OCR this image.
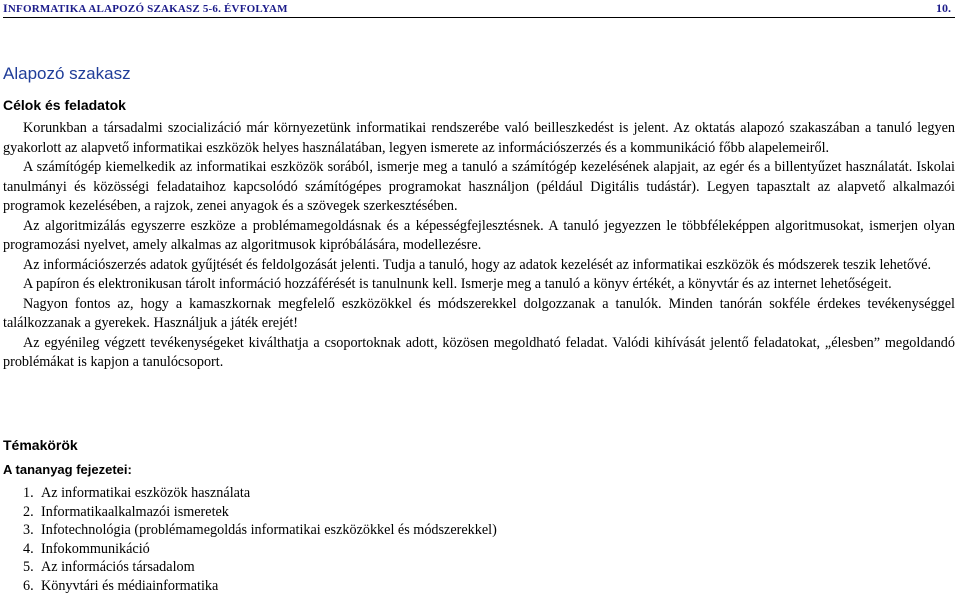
INFORMATIKA ALAPOZÓ SZAKASZ 5-6. ÉVFOLYAM	10.
Alapozó szakasz
Célok és feladatok

Korunkban a társadalmi szocializáció már környezetünk informatikai rendszerébe való beilleszkedést is jelent. Az oktatás alapozó szakaszában a tanuló legyen gyakorlott az alapvető informatikai eszközök helyes használatában, legyen ismerete az információszerzés és a kommunikáció főbb alapelemeiről.

A számítógép kiemelkedik az informatikai eszközök sorából, ismerje meg a tanuló a számítógép kezelésének alapjait, az egér és a billentyűzet használatát. Iskolai tanulmányi és közösségi feladataihoz kapcsolódó számítógépes programokat használjon (például Digitális tudástár). Legyen tapasztalt az alapvető alkalmazói programok kezelésében, a rajzok, zenei anyagok és a szövegek szerkesztésében.

Az algoritmizálás egyszerre eszköze a problémamegoldásnak és a képességfejlesztésnek. A tanuló jegyezzen le többféleképpen algoritmusokat, ismerjen olyan programozási nyelvet, amely alkalmas az algoritmusok kipróbálására, modellezésre.

Az információszerzés adatok gyűjtését és feldolgozását jelenti. Tudja a tanuló, hogy az adatok kezelését az informatikai eszközök és módszerek teszik lehetővé.

A papíron és elektronikusan tárolt információ hozzáférését is tanulnunk kell. Ismerje meg a tanuló a könyv értékét, a könyvtár és az internet lehetőségeit.

Nagyon fontos az, hogy a kamaszkornak megfelelő eszközökkel és módszerekkel dolgozzanak a tanulók. Minden tanórán sokféle érdekes tevékenységgel találkozzanak a gyerekek. Használjuk a játék erejét!

Az egyénileg végzett tevékenységeket kiválthatja a csoportoknak adott, közösen megoldható feladat. Valódi kihívását jelentő feladatokat, „élesben” megoldandó problémákat is kapjon a tanulócsoport.

Témakörök
A tananyag fejezetei:
1. Az informatikai eszközök használata
2. Informatikaalkalmazói ismeretek
3. Infotechnológia (problémamegoldás informatikai eszközökkel és módszerekkel)
4. Infokommunikáció
5. Az információs társadalom
6. Könyvtári és médiainformatika
